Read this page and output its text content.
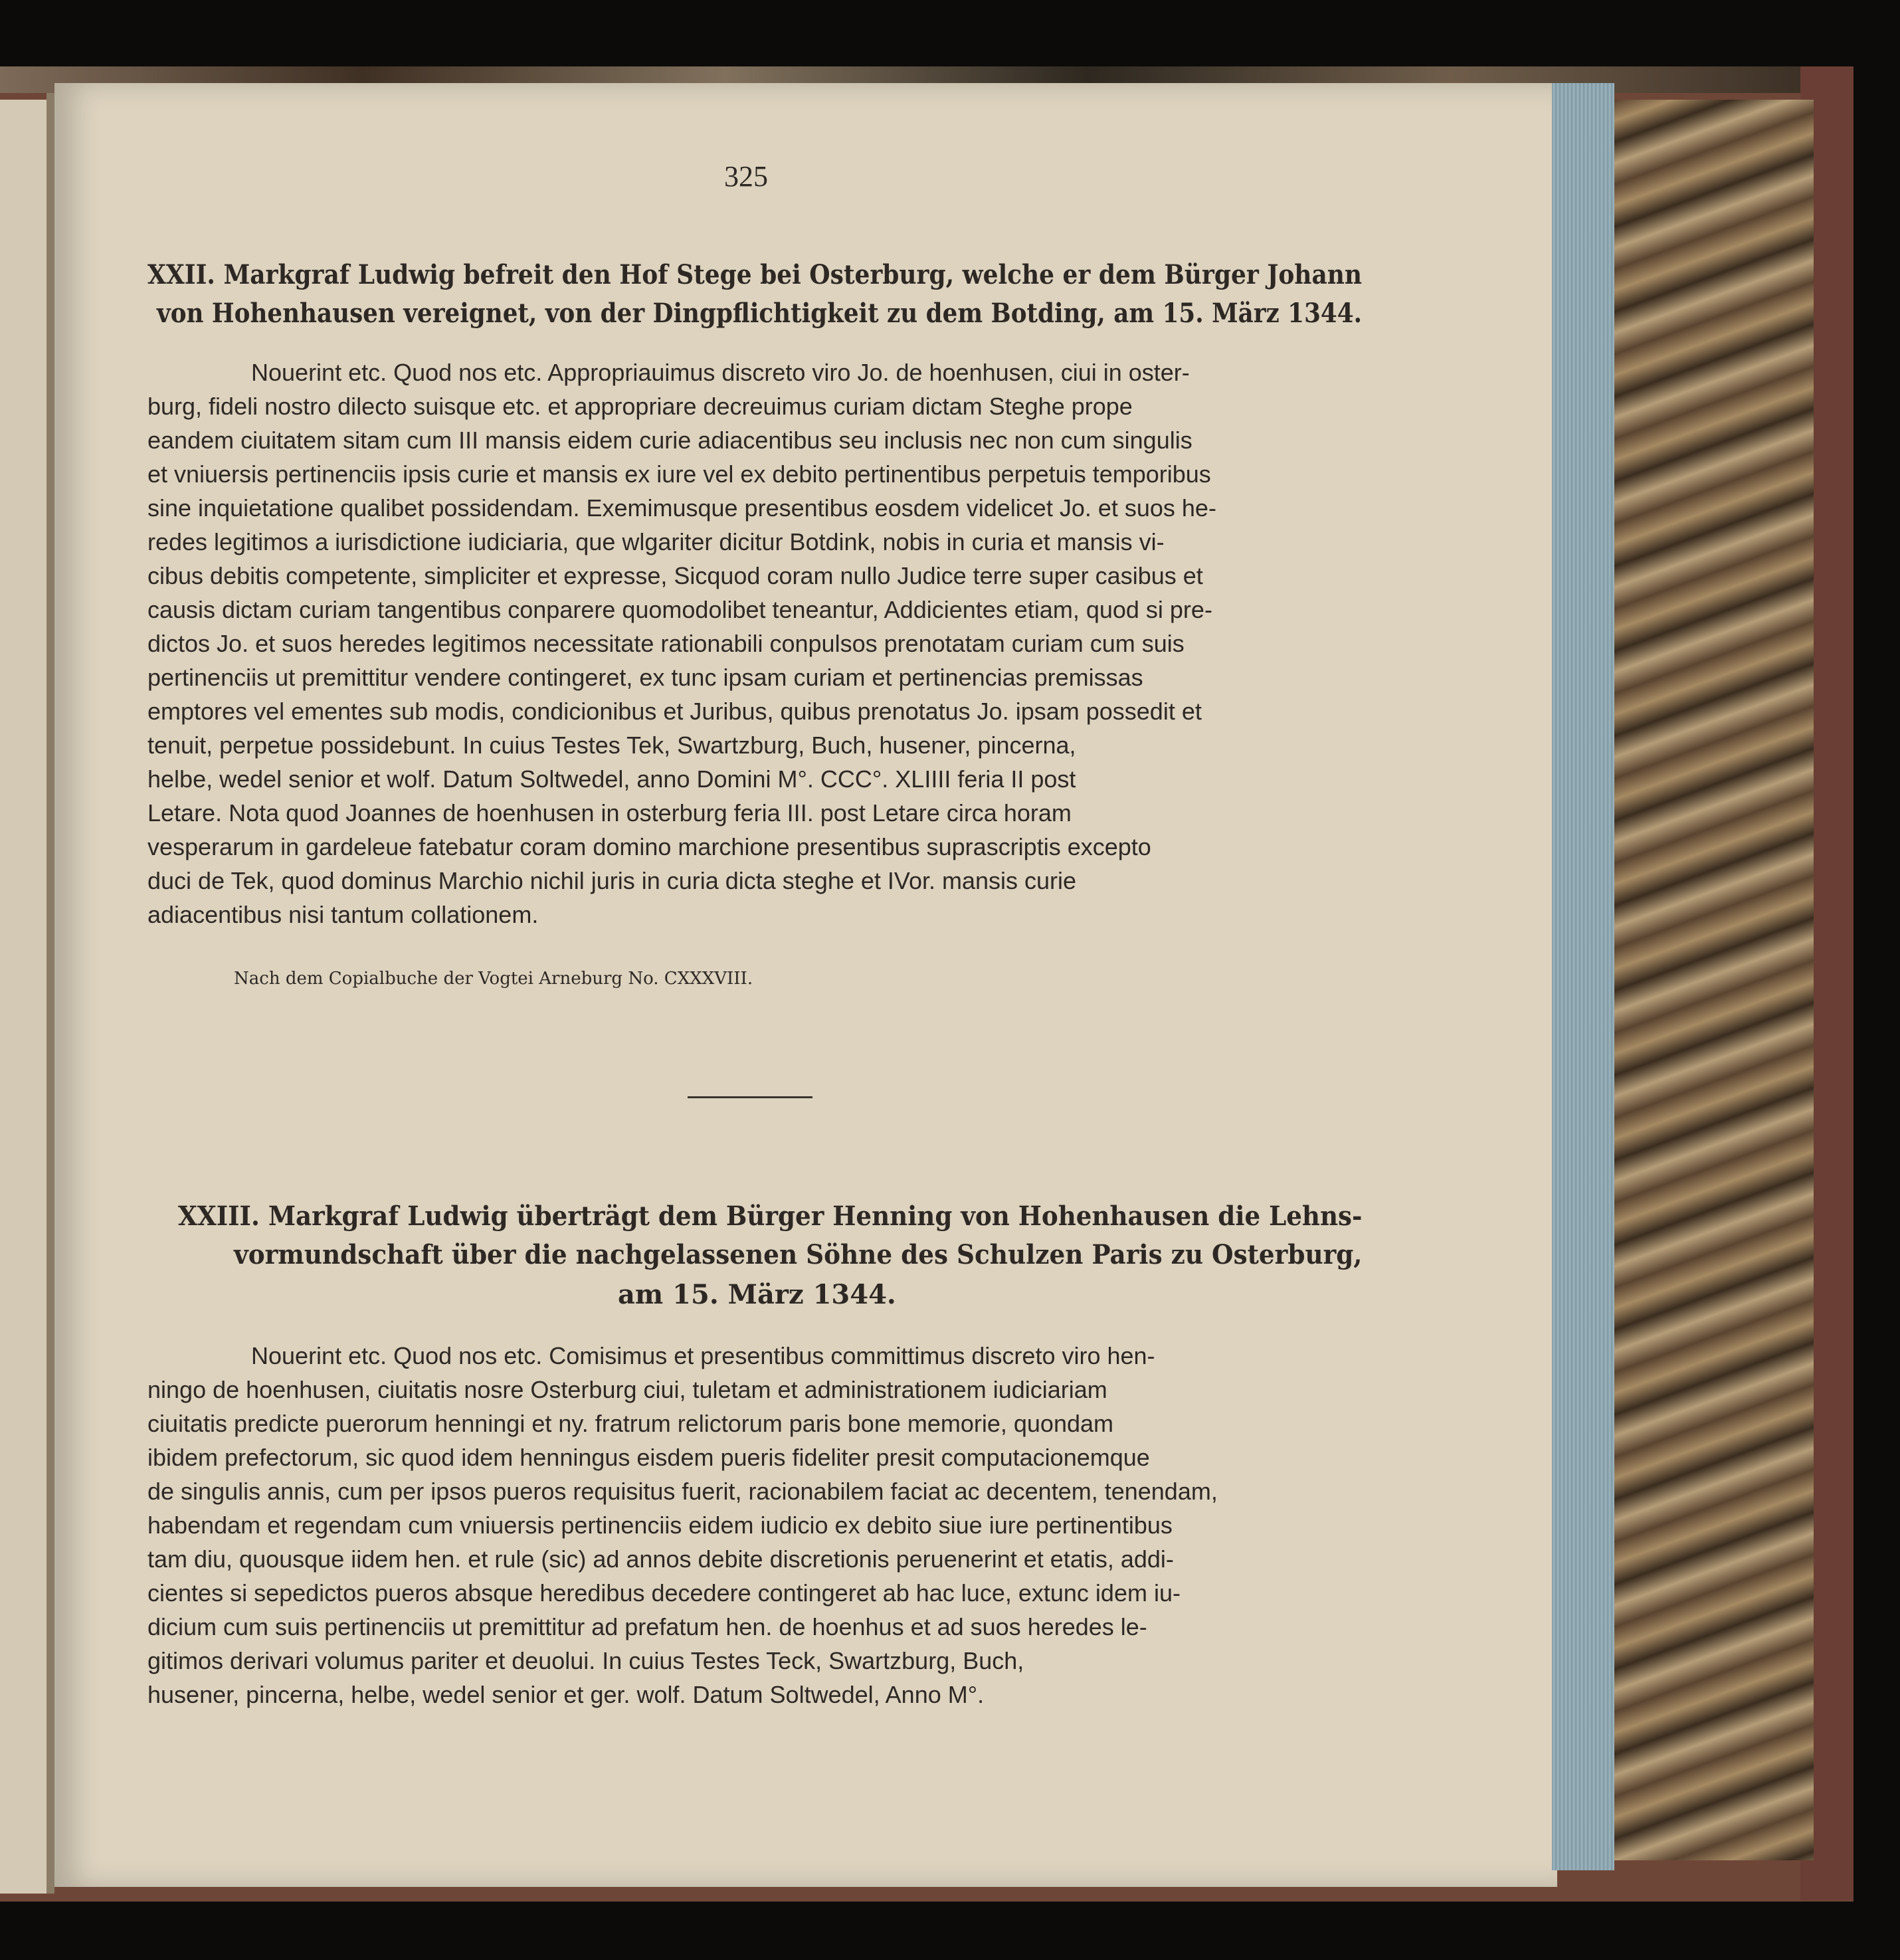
325
XXII. Markgraf Ludwig befreit den Hof Stege bei Osterburg, welche er dem Bürger Johann
von Hohenhausen vereignet, von der Dingpflichtigkeit zu dem Botding, am 15. März 1344.
Nouerint etc. Quod nos etc. Appropriauimus discreto viro Jo. de hoenhusen, ciui in oster-
burg, fideli nostro dilecto suisque etc. et appropriare decreuimus curiam dictam Steghe prope
eandem ciuitatem sitam cum III mansis eidem curie adiacentibus seu inclusis nec non cum singulis
et vniuersis pertinenciis ipsis curie et mansis ex iure vel ex debito pertinentibus perpetuis temporibus
sine inquietatione qualibet possidendam. Exemimusque presentibus eosdem videlicet Jo. et suos he-
redes legitimos a iurisdictione iudiciaria, que wlgariter dicitur Botdink, nobis in curia et mansis vi-
cibus debitis competente, simpliciter et expresse, Sicquod coram nullo Judice terre super casibus et
causis dictam curiam tangentibus conparere quomodolibet teneantur, Addicientes etiam, quod si pre-
dictos Jo. et suos heredes legitimos necessitate rationabili conpulsos prenotatam curiam cum suis
pertinenciis ut premittitur vendere contingeret, ex tunc ipsam curiam et pertinencias premissas
emptores vel ementes sub modis, condicionibus et Juribus, quibus prenotatus Jo. ipsam possedit et
tenuit, perpetue possidebunt. In cuius Testes Tek, Swartzburg, Buch, husener, pincerna,
helbe, wedel senior et wolf. Datum Soltwedel, anno Domini M°. CCC°. XLIIII feria II post
Letare. Nota quod Joannes de hoenhusen in osterburg feria III. post Letare circa horam
vesperarum in gardeleue fatebatur coram domino marchione presentibus suprascriptis excepto
duci de Tek, quod dominus Marchio nichil juris in curia dicta steghe et IVor. mansis curie
adiacentibus nisi tantum collationem.
Nach dem Copialbuche der Vogtei Arneburg No. CXXXVIII.
XXIII. Markgraf Ludwig überträgt dem Bürger Henning von Hohenhausen die Lehns-
vormundschaft über die nachgelassenen Söhne des Schulzen Paris zu Osterburg,
am 15. März 1344.
Nouerint etc. Quod nos etc. Comisimus et presentibus committimus discreto viro hen-
ningo de hoenhusen, ciuitatis nosre Osterburg ciui, tuletam et administrationem iudiciariam
ciuitatis predicte puerorum henningi et ny. fratrum relictorum paris bone memorie, quondam
ibidem prefectorum, sic quod idem henningus eisdem pueris fideliter presit computacionemque
de singulis annis, cum per ipsos pueros requisitus fuerit, racionabilem faciat ac decentem, tenendam,
habendam et regendam cum vniuersis pertinenciis eidem iudicio ex debito siue iure pertinentibus
tam diu, quousque iidem hen. et rule (sic) ad annos debite discretionis peruenerint et etatis, addi-
cientes si sepedictos pueros absque heredibus decedere contingeret ab hac luce, extunc idem iu-
dicium cum suis pertinenciis ut premittitur ad prefatum hen. de hoenhus et ad suos heredes le-
gitimos derivari volumus pariter et deuolui. In cuius Testes Teck, Swartzburg, Buch,
husener, pincerna, helbe, wedel senior et ger. wolf. Datum Soltwedel, Anno M°.
